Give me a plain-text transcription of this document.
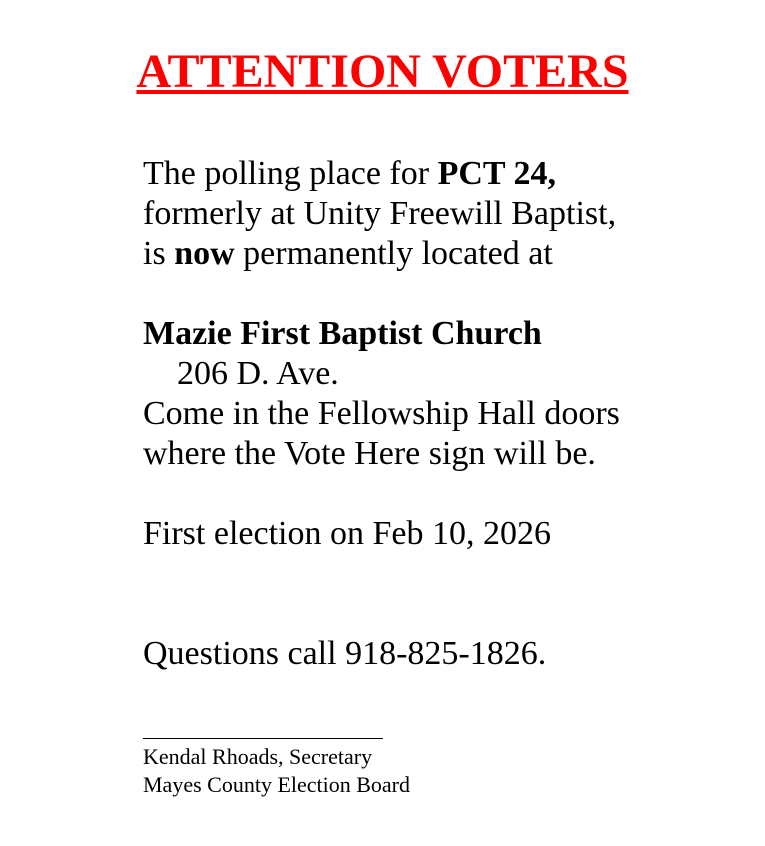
ATTENTION VOTERS
The polling place for PCT 24,
formerly at Unity Freewill Baptist,
is now permanently located at
Mazie First Baptist Church
206 D. Ave.
Come in the Fellowship Hall doors
where the Vote Here sign will be.
First election on Feb 10, 2026
Questions call 918-825-1826.
Kendal Rhoads, Secretary
Mayes County Election Board
